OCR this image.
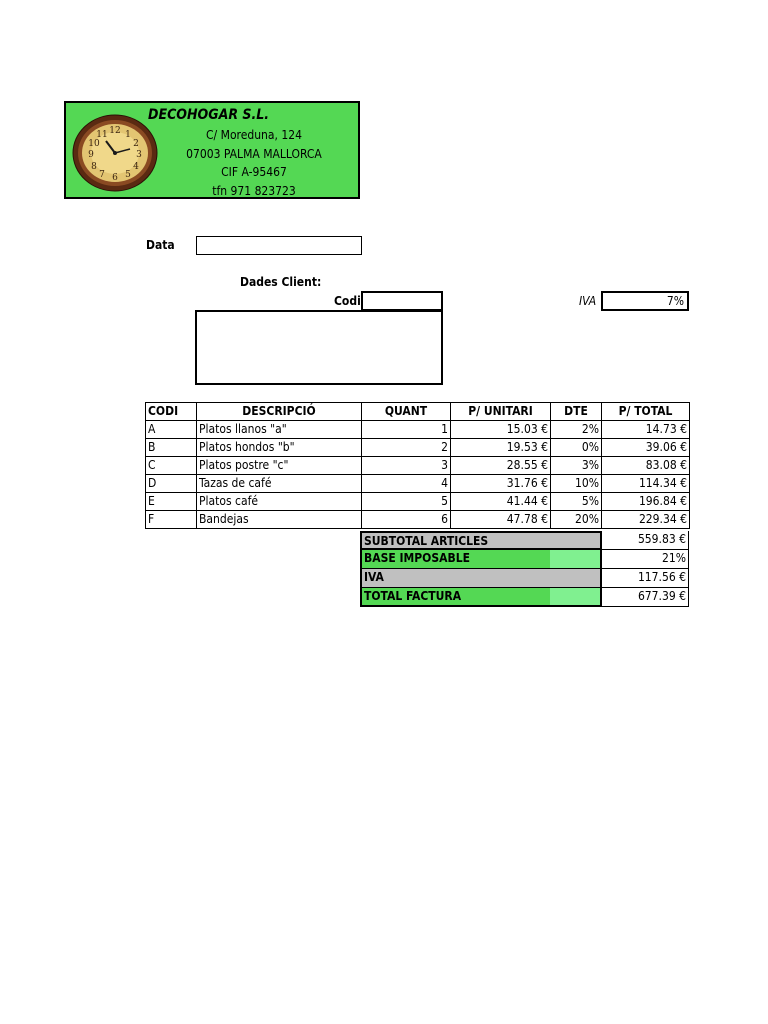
12
3
6
9
1
2
4
5
7
8
10
11
DECOHOGAR S.L.
C/ Moreduna, 124
07003 PALMA MALLORCA
CIF A-95467
tfn 971 823723
Data
Dades Client:
Codi	IVA	7%
CODI	DESCRIPCIÓ	QUANT	P/ UNITARI	DTE	P/ TOTAL
A	Platos llanos "a"	1	15.03 €	2%	14.73 €
B	Platos hondos "b"	2	19.53 €	0%	39.06 €
C	Platos postre "c"	3	28.55 €	3%	83.08 €
D	Tazas de café	4	31.76 €	10%	114.34 €
E	Platos café	5	41.44 €	5%	196.84 €
F	Bandejas	6	47.78 €	20%	229.34 €
SUBTOTAL ARTICLES	559.83 €
BASE IMPOSABLE	21%
IVA	117.56 €
TOTAL FACTURA	677.39 €
